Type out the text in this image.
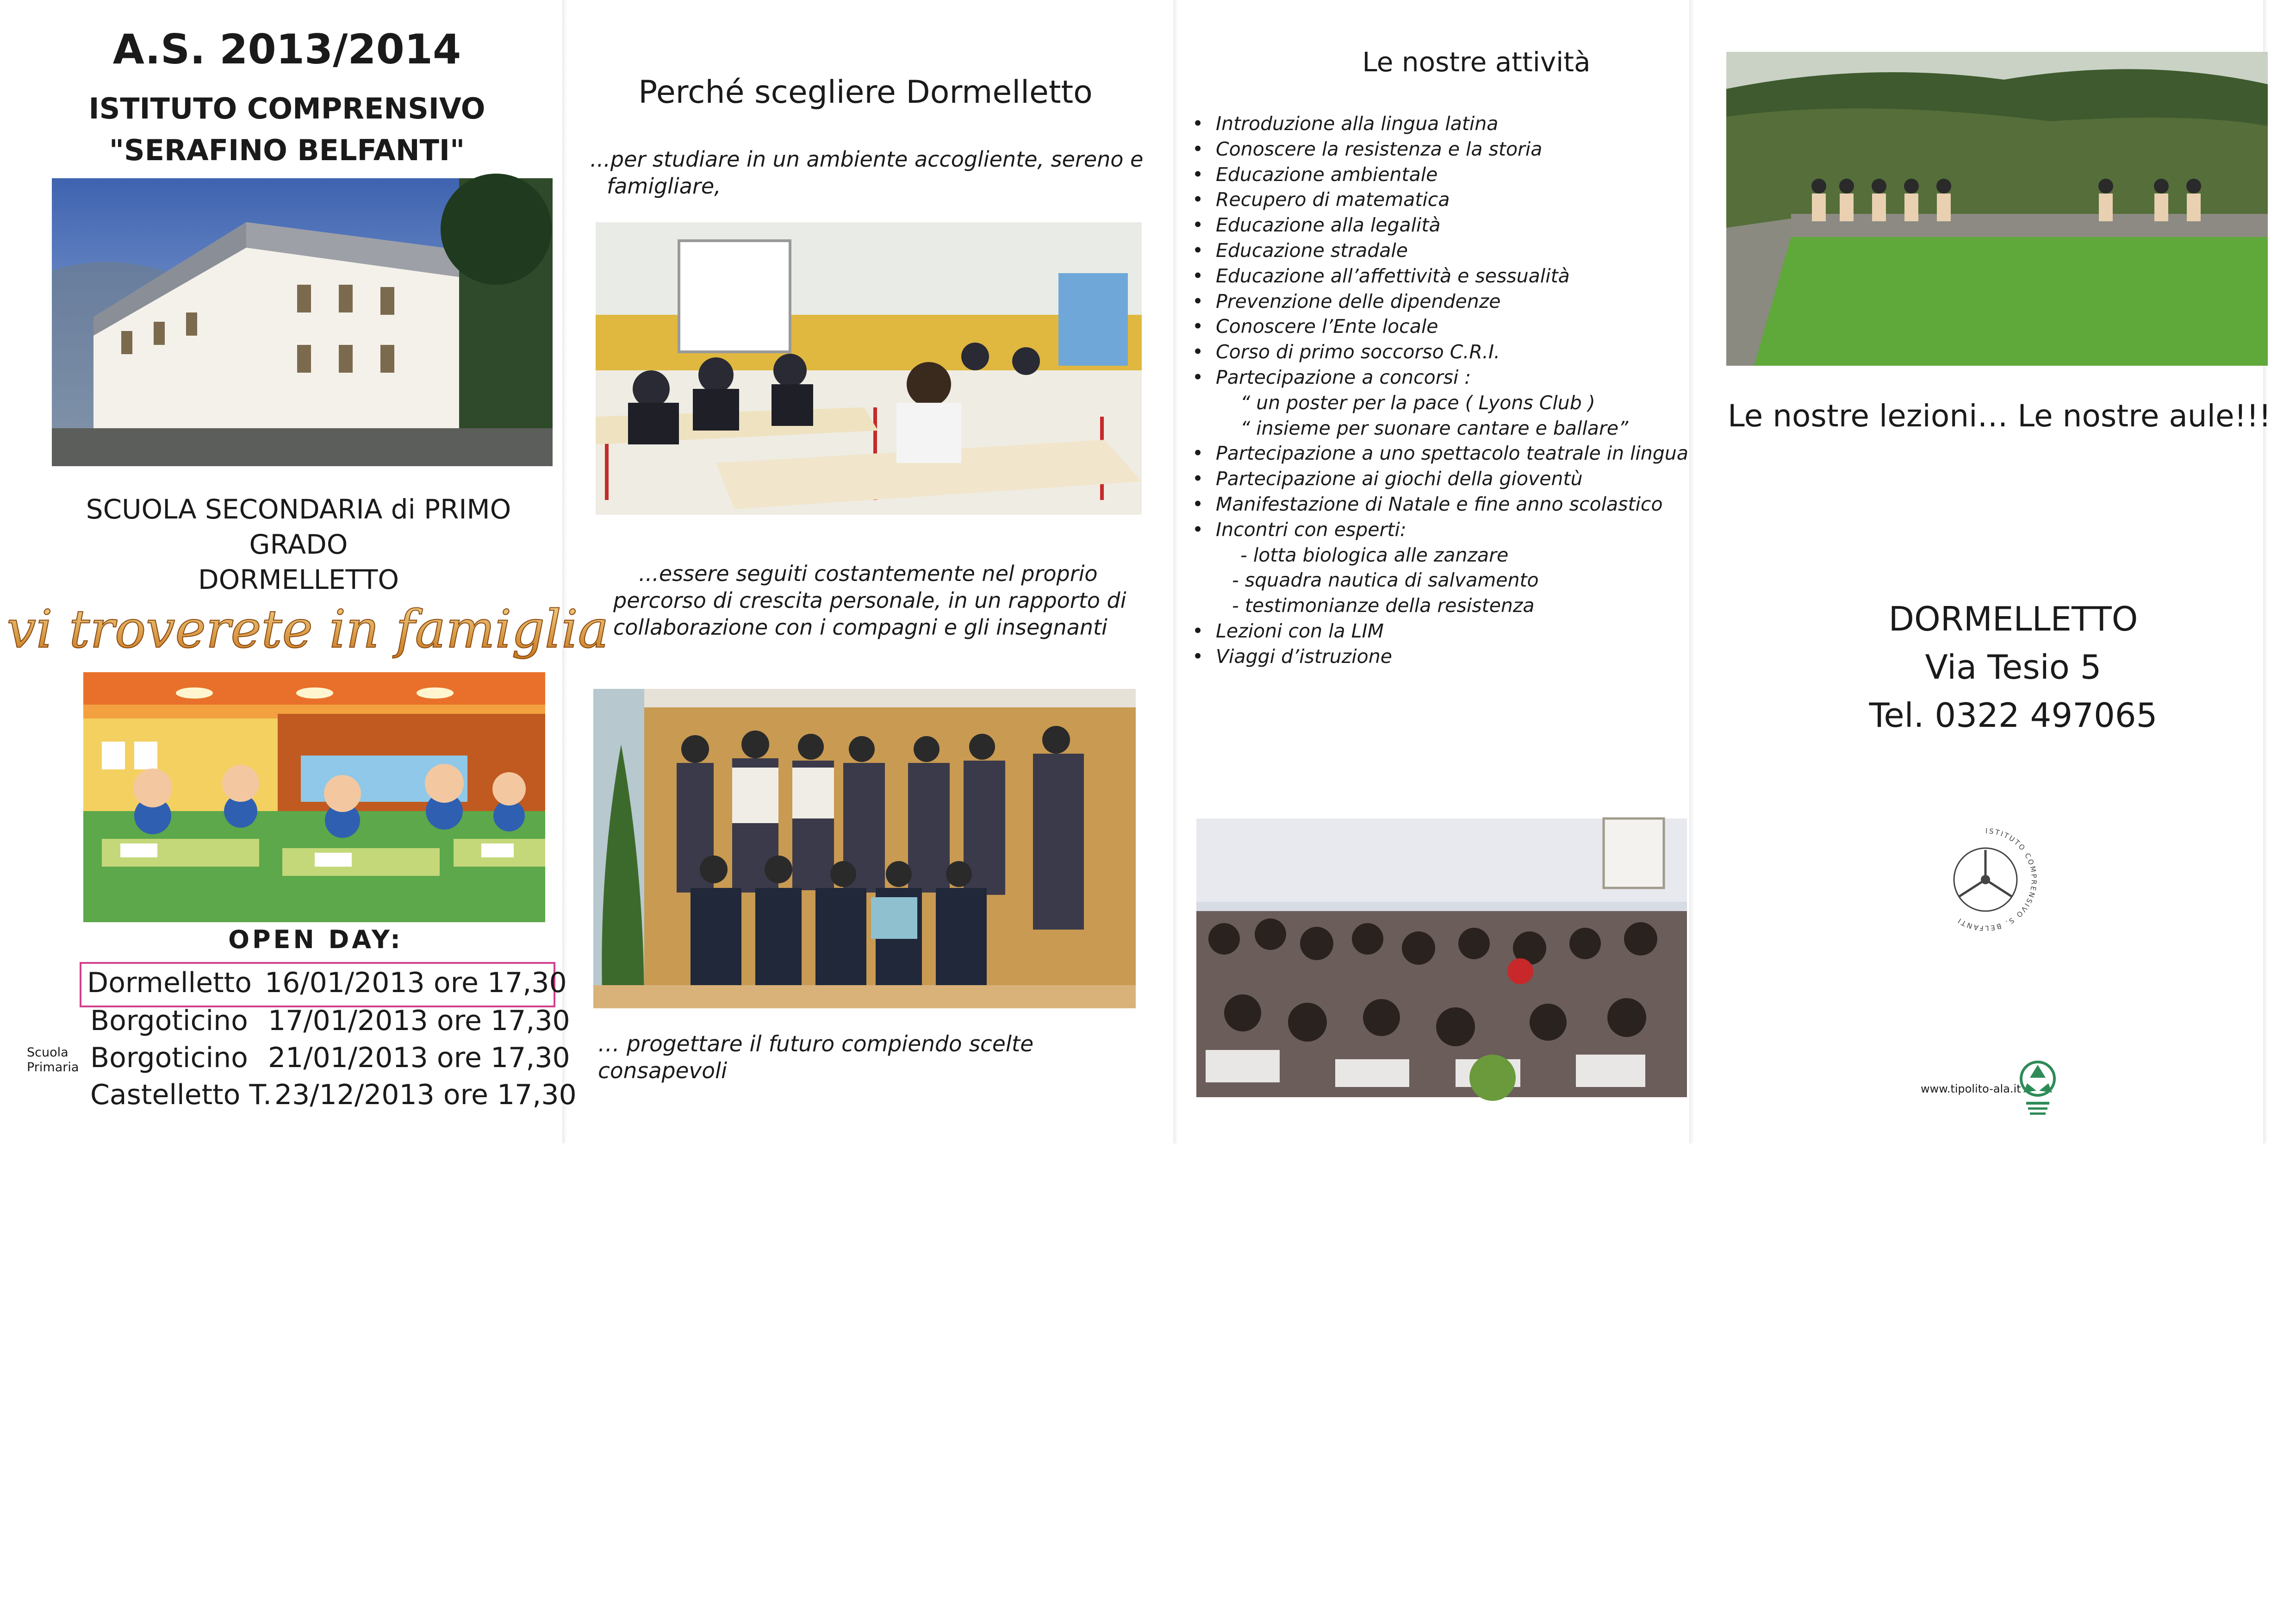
A.S. 2013/2014
ISTITUTO COMPRENSIVO
"SERAFINO BELFANTI"
SCUOLA SECONDARIA di PRIMO GRADO
DORMELLETTO
vi troverete in famiglia
OPEN DAY:
Dormelletto 16/01/2013 ore 17,30
Borgoticino 17/01/2013 ore 17,30
Borgoticino 21/01/2013 ore 17,30
Castelletto T. 23/12/2013 ore 17,30
Scuola
Primaria
Perché scegliere Dormelletto
...per studiare in un ambiente accogliente, sereno e
famigliare,
...essere seguiti costantemente nel proprio
percorso di crescita personale, in un rapporto di
collaborazione con i compagni e gli insegnanti
… progettare il futuro compiendo scelte consapevoli
Le nostre attività
• Introduzione alla lingua latina
• Conoscere la resistenza e la storia
• Educazione ambientale
• Recupero di matematica
• Educazione alla legalità
• Educazione stradale
• Educazione all’affettività e sessualità
• Prevenzione delle dipendenze
• Conoscere l’Ente locale
• Corso di primo soccorso C.R.I.
• Partecipazione a concorsi :
“ un poster per la pace ( Lyons Club )
“ insieme per suonare cantare e ballare”
• Partecipazione a uno spettacolo teatrale in lingua
• Partecipazione ai giochi della gioventù
• Manifestazione di Natale e fine anno scolastico
• Incontri con esperti:
- lotta biologica alle zanzare
- squadra nautica di salvamento
- testimonianze della resistenza
• Lezioni con la LIM
• Viaggi d’istruzione
Le nostre lezioni… Le nostre aule!!!
DORMELLETTO
Via Tesio 5
Tel. 0322 497065
ISTITUTO COMPRENSIVO S. BELFANTI
www.tipolito-ala.it
